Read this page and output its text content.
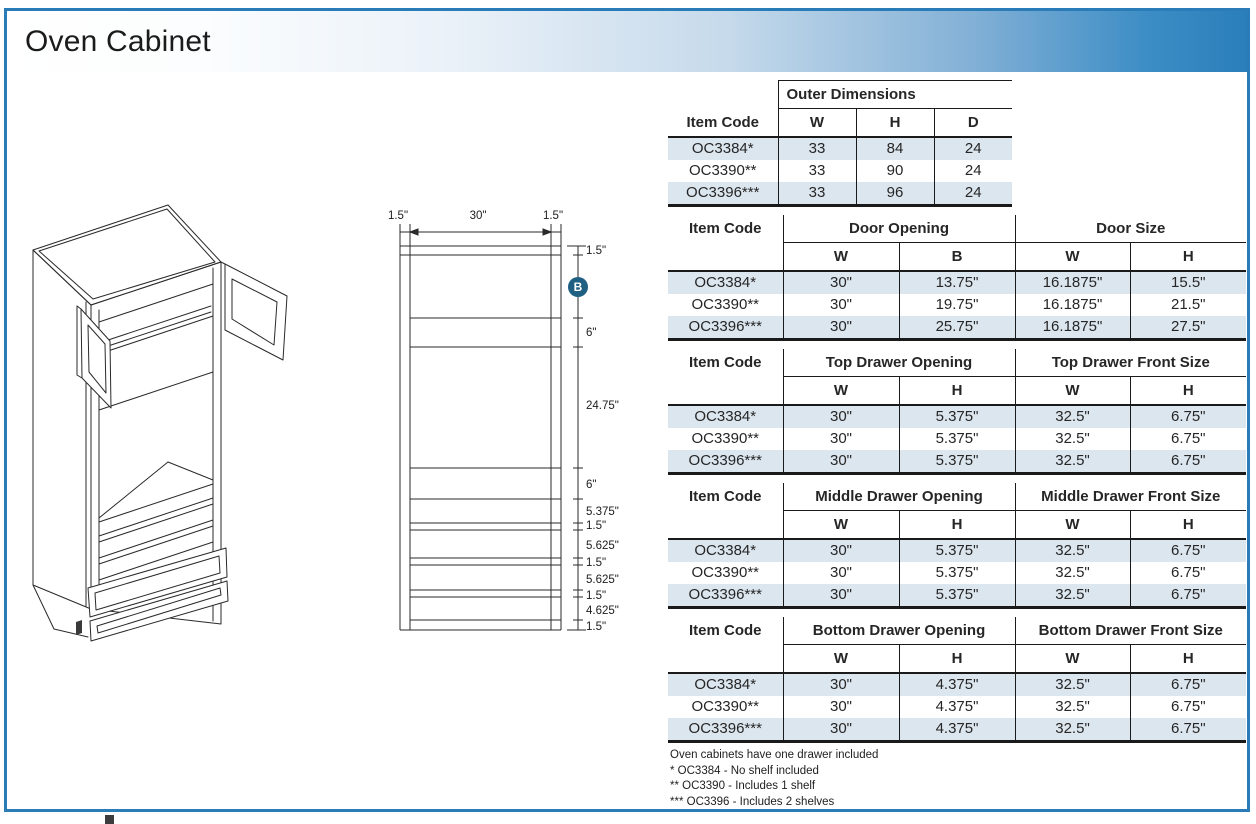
Oven Cabinet
1.5"	30"	1.5"
1.5"
6"
24.75"
6"
5.375"
1.5"
5.625"
1.5"
5.625"
1.5"
4.625"
1.5"
B
	Outer Dimensions		
Item Code	W	H	D
OC3384*	33	84	24
OC3390**	33	90	24
OC3396***	33	96	24
Item Code	Door Opening		Door Size	
	W	B	W	H
OC3384*	30"	13.75"	16.1875"	15.5"
OC3390**	30"	19.75"	16.1875"	21.5"
OC3396***	30"	25.75"	16.1875"	27.5"
Item Code	Top Drawer Opening		Top Drawer Front Size	
	W	H	W	H
OC3384*	30"	5.375"	32.5"	6.75"
OC3390**	30"	5.375"	32.5"	6.75"
OC3396***	30"	5.375"	32.5"	6.75"
Item Code	Middle Drawer Opening		Middle Drawer Front Size	
	W	H	W	H
OC3384*	30"	5.375"	32.5"	6.75"
OC3390**	30"	5.375"	32.5"	6.75"
OC3396***	30"	5.375"	32.5"	6.75"
Item Code	Bottom Drawer Opening		Bottom Drawer Front Size	
	W	H	W	H
OC3384*	30"	4.375"	32.5"	6.75"
OC3390**	30"	4.375"	32.5"	6.75"
OC3396***	30"	4.375"	32.5"	6.75"
Oven cabinets have one drawer included
* OC3384 - No shelf included
** OC3390 - Includes 1 shelf
*** OC3396 - Includes 2 shelves
